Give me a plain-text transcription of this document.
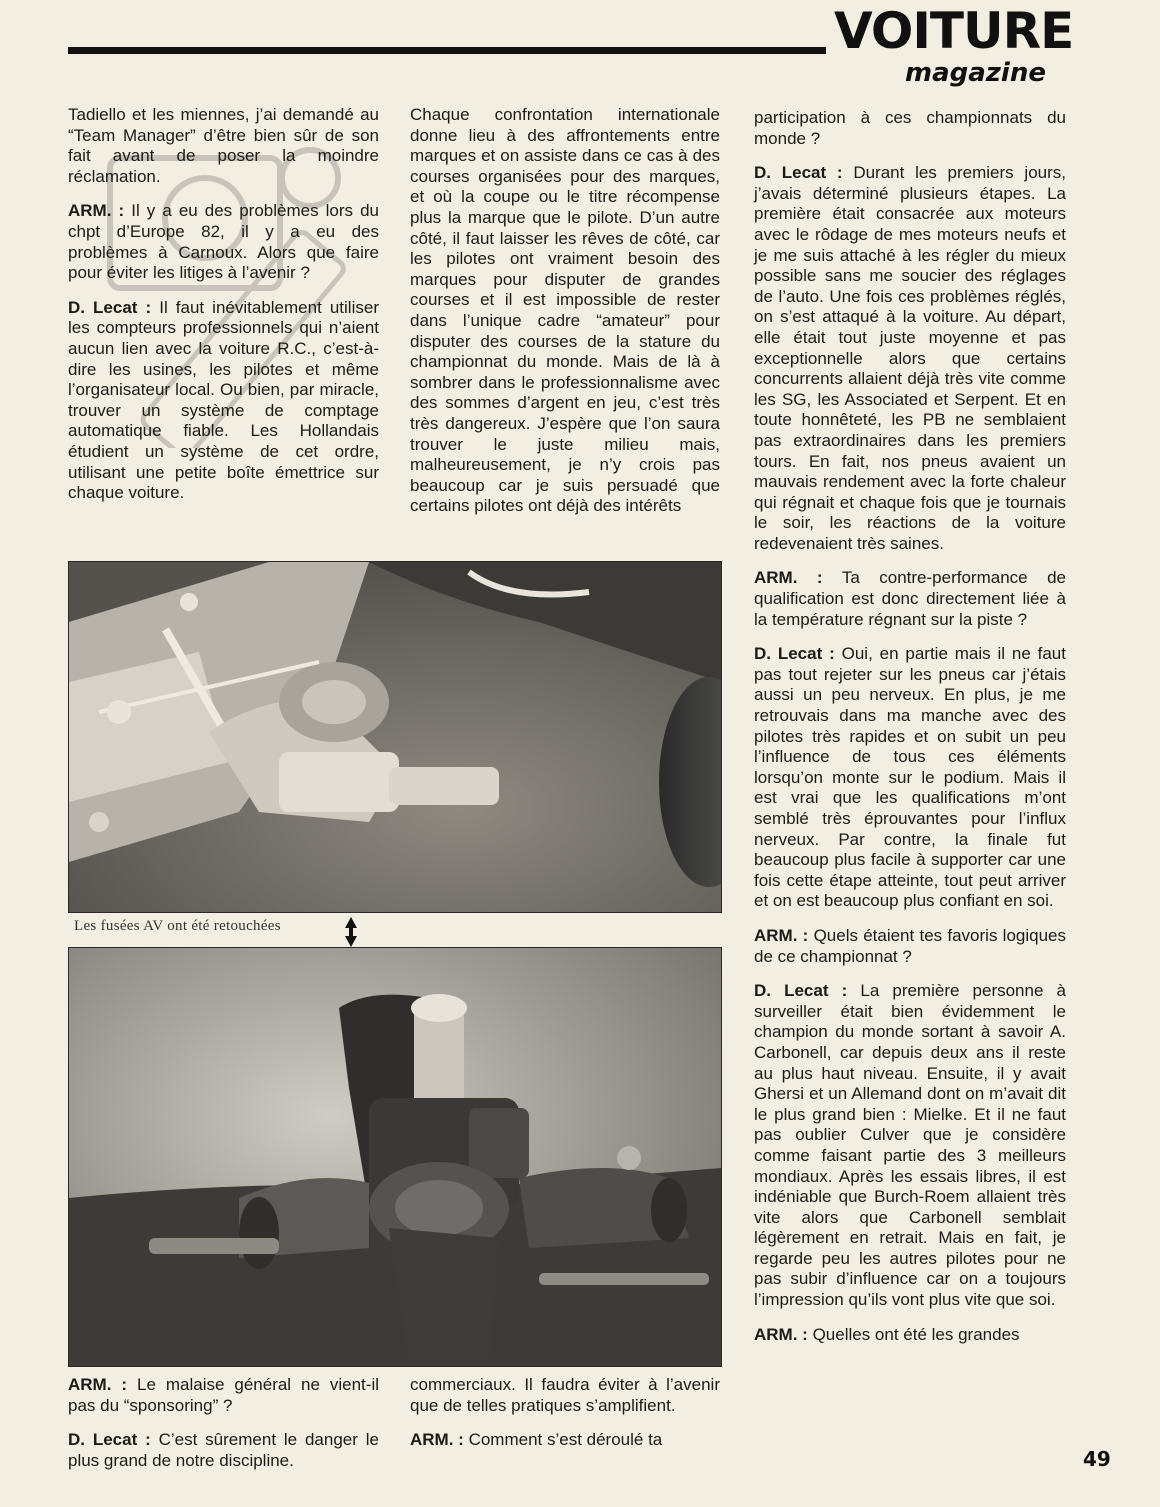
VOITURE
magazine

Tadiello et les miennes, j’ai demandé au “Team Manager” d’être bien sûr de son fait avant de poser la moindre réclamation.

ARM. : Il y a eu des problèmes lors du chpt d’Europe 82, il y a eu des problèmes à Carnoux. Alors que faire pour éviter les litiges à l’avenir ?

D. Lecat : Il faut inévitablement utiliser les compteurs professionnels qui n’aient aucun lien avec la voiture R.C., c’est-à-dire les usines, les pilotes et même l’organisateur local. Ou bien, par miracle, trouver un système de comptage automatique fiable. Les Hollandais étudient un système de cet ordre, utilisant une petite boîte émettrice sur chaque voiture.

Chaque confrontation internationale donne lieu à des affrontements entre marques et on assiste dans ce cas à des courses organisées pour des marques, et où la coupe ou le titre récompense plus la marque que le pilote. D’un autre côté, il faut laisser les rêves de côté, car les pilotes ont vraiment besoin des marques pour disputer de grandes courses et il est impossible de rester dans l’unique cadre “amateur” pour disputer des courses de la stature du championnat du monde. Mais de là à sombrer dans le professionnalisme avec des sommes d’argent en jeu, c’est très très dangereux. J’espère que l’on saura trouver le juste milieu mais, malheureusement, je n’y crois pas beaucoup car je suis persuadé que certains pilotes ont déjà des intérêts

participation à ces championnats du monde ?

D. Lecat : Durant les premiers jours, j’avais déterminé plusieurs étapes. La première était consacrée aux moteurs avec le rôdage de mes moteurs neufs et je me suis attaché à les régler du mieux possible sans me soucier des réglages de l’auto. Une fois ces problèmes réglés, on s’est attaqué à la voiture. Au départ, elle était tout juste moyenne et pas exceptionnelle alors que certains concurrents allaient déjà très vite comme les SG, les Associated et Serpent. Et en toute honnêteté, les PB ne semblaient pas extraordinaires dans les premiers tours. En fait, nos pneus avaient un mauvais rendement avec la forte chaleur qui régnait et chaque fois que je tournais le soir, les réactions de la voiture redevenaient très saines.

ARM. : Ta contre-performance de qualification est donc directement liée à la température régnant sur la piste ?

D. Lecat : Oui, en partie mais il ne faut pas tout rejeter sur les pneus car j’étais aussi un peu nerveux. En plus, je me retrouvais dans ma manche avec des pilotes très rapides et on subit un peu l’influence de tous ces éléments lorsqu’on monte sur le podium. Mais il est vrai que les qualifications m’ont semblé très éprouvantes pour l’influx nerveux. Par contre, la finale fut beaucoup plus facile à supporter car une fois cette étape atteinte, tout peut arriver et on est beaucoup plus confiant en soi.

ARM. : Quels étaient tes favoris logiques de ce championnat ?

D. Lecat : La première personne à surveiller était bien évidemment le champion du monde sortant à savoir A. Carbonell, car depuis deux ans il reste au plus haut niveau. Ensuite, il y avait Ghersi et un Allemand dont on m’avait dit le plus grand bien : Mielke. Et il ne faut pas oublier Culver que je considère comme faisant partie des 3 meilleurs mondiaux. Après les essais libres, il est indéniable que Burch-Roem allaient très vite alors que Carbonell semblait légèrement en retrait. Mais en fait, je regarde peu les autres pilotes pour ne pas subir d’influence car on a toujours l’impression qu’ils vont plus vite que soi.

ARM. : Quelles ont été les grandes

Les fusées AV ont été retouchées

ARM. : Le malaise général ne vient-il pas du “sponsoring” ?

D. Lecat : C’est sûrement le danger le plus grand de notre discipline.

commerciaux. Il faudra éviter à l’avenir que de telles pratiques s’amplifient.

ARM. : Comment s’est déroulé ta

49
